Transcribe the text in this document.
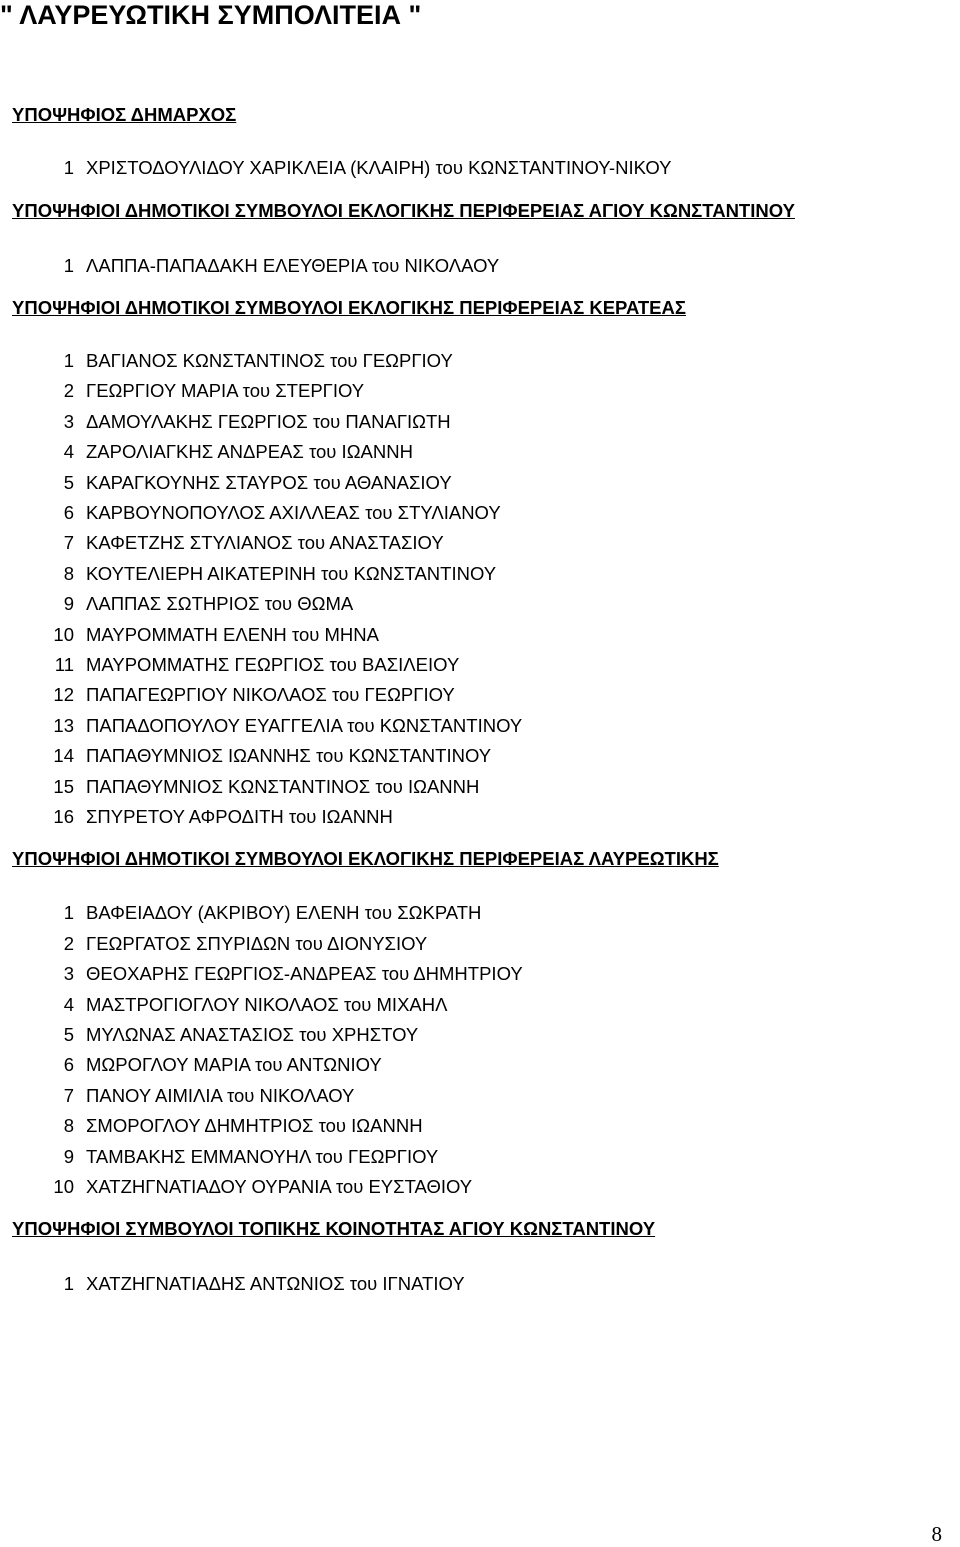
" ΛΑΥΡΕΥΩΤΙΚΗ ΣΥΜΠΟΛΙΤΕΙΑ "
ΥΠΟΨΗΦΙΟΣ ΔΗΜΑΡΧΟΣ
1 ΧΡΙΣΤΟΔΟΥΛΙΔΟΥ ΧΑΡΙΚΛΕΙΑ (ΚΛΑΙΡΗ) του ΚΩΝΣΤΑΝΤΙΝΟΥ-ΝΙΚΟΥ
ΥΠΟΨΗΦΙΟΙ ΔΗΜΟΤΙΚΟΙ ΣΥΜΒΟΥΛΟΙ ΕΚΛΟΓΙΚΗΣ ΠΕΡΙΦΕΡΕΙΑΣ ΑΓΙΟΥ ΚΩΝΣΤΑΝΤΙΝΟΥ
1 ΛΑΠΠΑ-ΠΑΠΑΔΑΚΗ ΕΛΕΥΘΕΡΙΑ του ΝΙΚΟΛΑΟΥ
ΥΠΟΨΗΦΙΟΙ ΔΗΜΟΤΙΚΟΙ ΣΥΜΒΟΥΛΟΙ ΕΚΛΟΓΙΚΗΣ ΠΕΡΙΦΕΡΕΙΑΣ ΚΕΡΑΤΕΑΣ
1 ΒΑΓΙΑΝΟΣ ΚΩΝΣΤΑΝΤΙΝΟΣ του ΓΕΩΡΓΙΟΥ
2 ΓΕΩΡΓΙΟΥ ΜΑΡΙΑ του ΣΤΕΡΓΙΟΥ
3 ΔΑΜΟΥΛΑΚΗΣ ΓΕΩΡΓΙΟΣ του ΠΑΝΑΓΙΩΤΗ
4 ΖΑΡΟΛΙΑΓΚΗΣ ΑΝΔΡΕΑΣ του ΙΩΑΝΝΗ
5 ΚΑΡΑΓΚΟΥΝΗΣ ΣΤΑΥΡΟΣ του ΑΘΑΝΑΣΙΟΥ
6 ΚΑΡΒΟΥΝΟΠΟΥΛΟΣ ΑΧΙΛΛΕΑΣ του ΣΤΥΛΙΑΝΟΥ
7 ΚΑΦΕΤΖΗΣ ΣΤΥΛΙΑΝΟΣ του ΑΝΑΣΤΑΣΙΟΥ
8 ΚΟΥΤΕΛΙΕΡΗ ΑΙΚΑΤΕΡΙΝΗ του ΚΩΝΣΤΑΝΤΙΝΟΥ
9 ΛΑΠΠΑΣ ΣΩΤΗΡΙΟΣ του ΘΩΜΑ
10 ΜΑΥΡΟΜΜΑΤΗ ΕΛΕΝΗ του ΜΗΝΑ
11 ΜΑΥΡΟΜΜΑΤΗΣ ΓΕΩΡΓΙΟΣ του ΒΑΣΙΛΕΙΟΥ
12 ΠΑΠΑΓΕΩΡΓΙΟΥ ΝΙΚΟΛΑΟΣ του ΓΕΩΡΓΙΟΥ
13 ΠΑΠΑΔΟΠΟΥΛΟΥ ΕΥΑΓΓΕΛΙΑ του ΚΩΝΣΤΑΝΤΙΝΟΥ
14 ΠΑΠΑΘΥΜΝΙΟΣ ΙΩΑΝΝΗΣ του ΚΩΝΣΤΑΝΤΙΝΟΥ
15 ΠΑΠΑΘΥΜΝΙΟΣ ΚΩΝΣΤΑΝΤΙΝΟΣ του ΙΩΑΝΝΗ
16 ΣΠΥΡΕΤΟΥ ΑΦΡΟΔΙΤΗ του ΙΩΑΝΝΗ
ΥΠΟΨΗΦΙΟΙ ΔΗΜΟΤΙΚΟΙ ΣΥΜΒΟΥΛΟΙ ΕΚΛΟΓΙΚΗΣ ΠΕΡΙΦΕΡΕΙΑΣ ΛΑΥΡΕΩΤΙΚΗΣ
1 ΒΑΦΕΙΑΔΟΥ (ΑΚΡΙΒΟΥ) ΕΛΕΝΗ του ΣΩΚΡΑΤΗ
2 ΓΕΩΡΓΑΤΟΣ ΣΠΥΡΙΔΩΝ του ΔΙΟΝΥΣΙΟΥ
3 ΘΕΟΧΑΡΗΣ ΓΕΩΡΓΙΟΣ-ΑΝΔΡΕΑΣ του ΔΗΜΗΤΡΙΟΥ
4 ΜΑΣΤΡΟΓΙΟΓΛΟΥ ΝΙΚΟΛΑΟΣ του ΜΙΧΑΗΛ
5 ΜΥΛΩΝΑΣ ΑΝΑΣΤΑΣΙΟΣ του ΧΡΗΣΤΟΥ
6 ΜΩΡΟΓΛΟΥ ΜΑΡΙΑ του ΑΝΤΩΝΙΟΥ
7 ΠΑΝΟΥ ΑΙΜΙΛΙΑ του ΝΙΚΟΛΑΟΥ
8 ΣΜΟΡΟΓΛΟΥ ΔΗΜΗΤΡΙΟΣ του ΙΩΑΝΝΗ
9 ΤΑΜΒΑΚΗΣ ΕΜΜΑΝΟΥΗΛ του ΓΕΩΡΓΙΟΥ
10 ΧΑΤΖΗΓΝΑΤΙΑΔΟΥ ΟΥΡΑΝΙΑ του ΕΥΣΤΑΘΙΟΥ
ΥΠΟΨΗΦΙΟΙ ΣΥΜΒΟΥΛΟΙ ΤΟΠΙΚΗΣ ΚΟΙΝΟΤΗΤΑΣ ΑΓΙΟΥ ΚΩΝΣΤΑΝΤΙΝΟΥ
1 ΧΑΤΖΗΓΝΑΤΙΑΔΗΣ ΑΝΤΩΝΙΟΣ του ΙΓΝΑΤΙΟΥ
8
